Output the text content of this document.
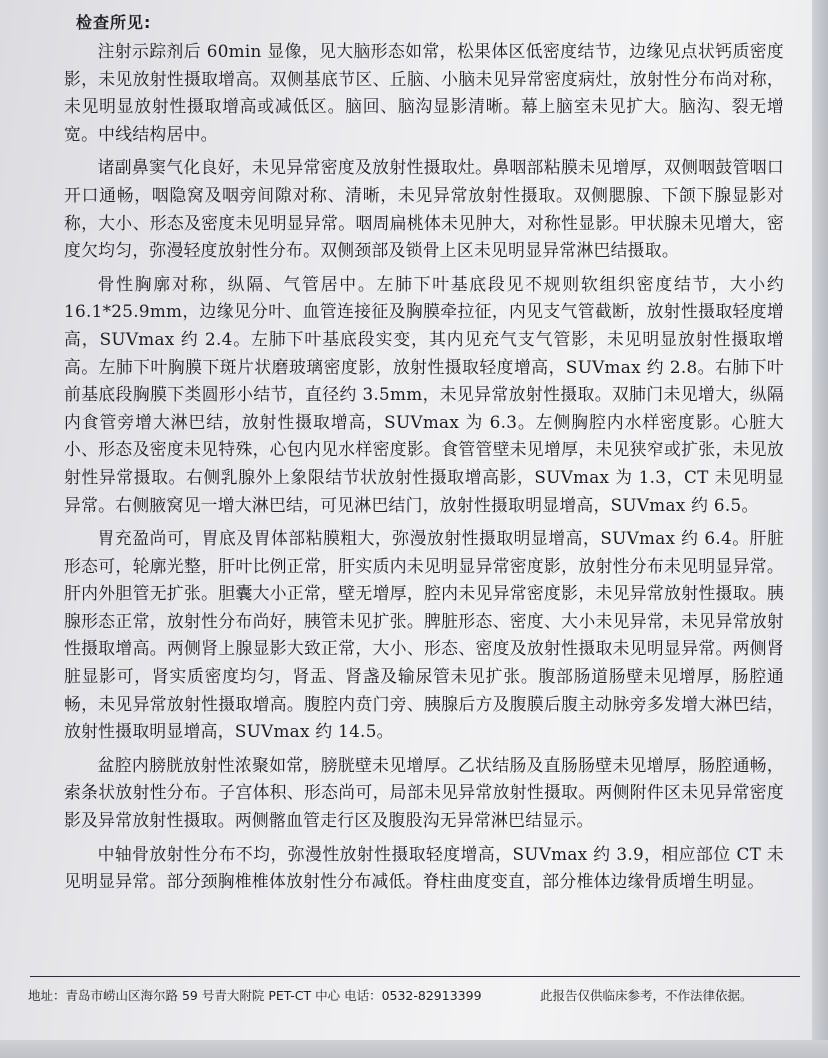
检查所见:

注射示踪剂后 60min 显像，见大脑形态如常，松果体区低密度结节，边缘见点状钙质密度影，未见放射性摄取增高。双侧基底节区、丘脑、小脑未见异常密度病灶，放射性分布尚对称，未见明显放射性摄取增高或减低区。脑回、脑沟显影清晰。幕上脑室未见扩大。脑沟、裂无增宽。中线结构居中。

诸副鼻窦气化良好，未见异常密度及放射性摄取灶。鼻咽部粘膜未见增厚，双侧咽鼓管咽口开口通畅，咽隐窝及咽旁间隙对称、清晰，未见异常放射性摄取。双侧腮腺、下颌下腺显影对称，大小、形态及密度未见明显异常。咽周扁桃体未见肿大，对称性显影。甲状腺未见增大，密度欠均匀，弥漫轻度放射性分布。双侧颈部及锁骨上区未见明显异常淋巴结摄取。

骨性胸廓对称，纵隔、气管居中。左肺下叶基底段见不规则软组织密度结节，大小约 16.1*25.9mm，边缘见分叶、血管连接征及胸膜牵拉征，内见支气管截断，放射性摄取轻度增高，SUVmax 约 2.4。左肺下叶基底段实变，其内见充气支气管影，未见明显放射性摄取增高。左肺下叶胸膜下斑片状磨玻璃密度影，放射性摄取轻度增高，SUVmax 约 2.8。右肺下叶前基底段胸膜下类圆形小结节，直径约 3.5mm，未见异常放射性摄取。双肺门未见增大，纵隔内食管旁增大淋巴结，放射性摄取增高，SUVmax 为 6.3。左侧胸腔内水样密度影。心脏大小、形态及密度未见特殊，心包内见水样密度影。食管管壁未见增厚，未见狭窄或扩张，未见放射性异常摄取。右侧乳腺外上象限结节状放射性摄取增高影，SUVmax 为 1.3，CT 未见明显异常。右侧腋窝见一增大淋巴结，可见淋巴结门，放射性摄取明显增高，SUVmax 约 6.5。

胃充盈尚可，胃底及胃体部粘膜粗大，弥漫放射性摄取明显增高，SUVmax 约 6.4。肝脏形态可，轮廓光整，肝叶比例正常，肝实质内未见明显异常密度影，放射性分布未见明显异常。肝内外胆管无扩张。胆囊大小正常，壁无增厚，腔内未见异常密度影，未见异常放射性摄取。胰腺形态正常，放射性分布尚好，胰管未见扩张。脾脏形态、密度、大小未见异常，未见异常放射性摄取增高。两侧肾上腺显影大致正常，大小、形态、密度及放射性摄取未见明显异常。两侧肾脏显影可，肾实质密度均匀，肾盂、肾盏及输尿管未见扩张。腹部肠道肠壁未见增厚，肠腔通畅，未见异常放射性摄取增高。腹腔内贲门旁、胰腺后方及腹膜后腹主动脉旁多发增大淋巴结，放射性摄取明显增高，SUVmax 约 14.5。

盆腔内膀胱放射性浓聚如常，膀胱壁未见增厚。乙状结肠及直肠肠壁未见增厚，肠腔通畅，索条状放射性分布。子宫体积、形态尚可，局部未见异常放射性摄取。两侧附件区未见异常密度影及异常放射性摄取。两侧髂血管走行区及腹股沟无异常淋巴结显示。

中轴骨放射性分布不均，弥漫性放射性摄取轻度增高，SUVmax 约 3.9，相应部位 CT 未见明显异常。部分颈胸椎椎体放射性分布减低。脊柱曲度变直，部分椎体边缘骨质增生明显。

地址：青岛市崂山区海尔路 59 号青大附院 PET-CT 中心 电话：0532-82913399	此报告仅供临床参考，不作法律依据。
